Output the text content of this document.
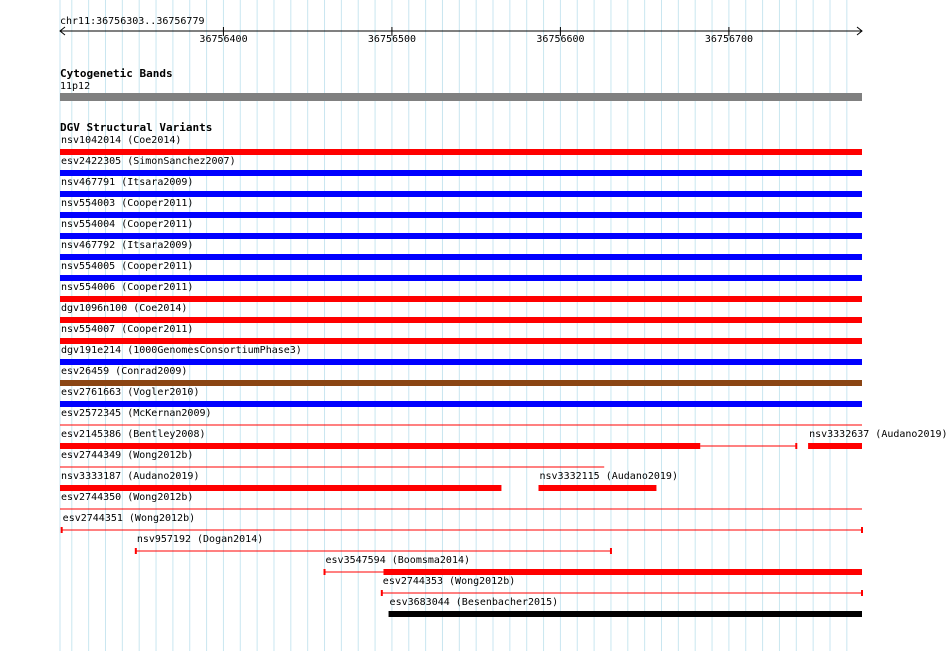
chr11:36756303..36756779
36756400	36756500	36756600	36756700
Cytogenetic Bands
11p12
DGV Structural Variants
nsv1042014 (Coe2014)
esv2422305 (SimonSanchez2007)
nsv467791 (Itsara2009)
nsv554003 (Cooper2011)
nsv554004 (Cooper2011)
nsv467792 (Itsara2009)
nsv554005 (Cooper2011)
nsv554006 (Cooper2011)
dgv1096n100 (Coe2014)
nsv554007 (Cooper2011)
dgv191e214 (1000GenomesConsortiumPhase3)
esv26459 (Conrad2009)
esv2761663 (Vogler2010)
esv2572345 (McKernan2009)
esv2145386 (Bentley2008)	nsv3332637 (Audano2019)
esv2744349 (Wong2012b)
nsv3333187 (Audano2019)	nsv3332115 (Audano2019)
esv2744350 (Wong2012b)
esv2744351 (Wong2012b)
nsv957192 (Dogan2014)
esv3547594 (Boomsma2014)
esv2744353 (Wong2012b)
esv3683044 (Besenbacher2015)
